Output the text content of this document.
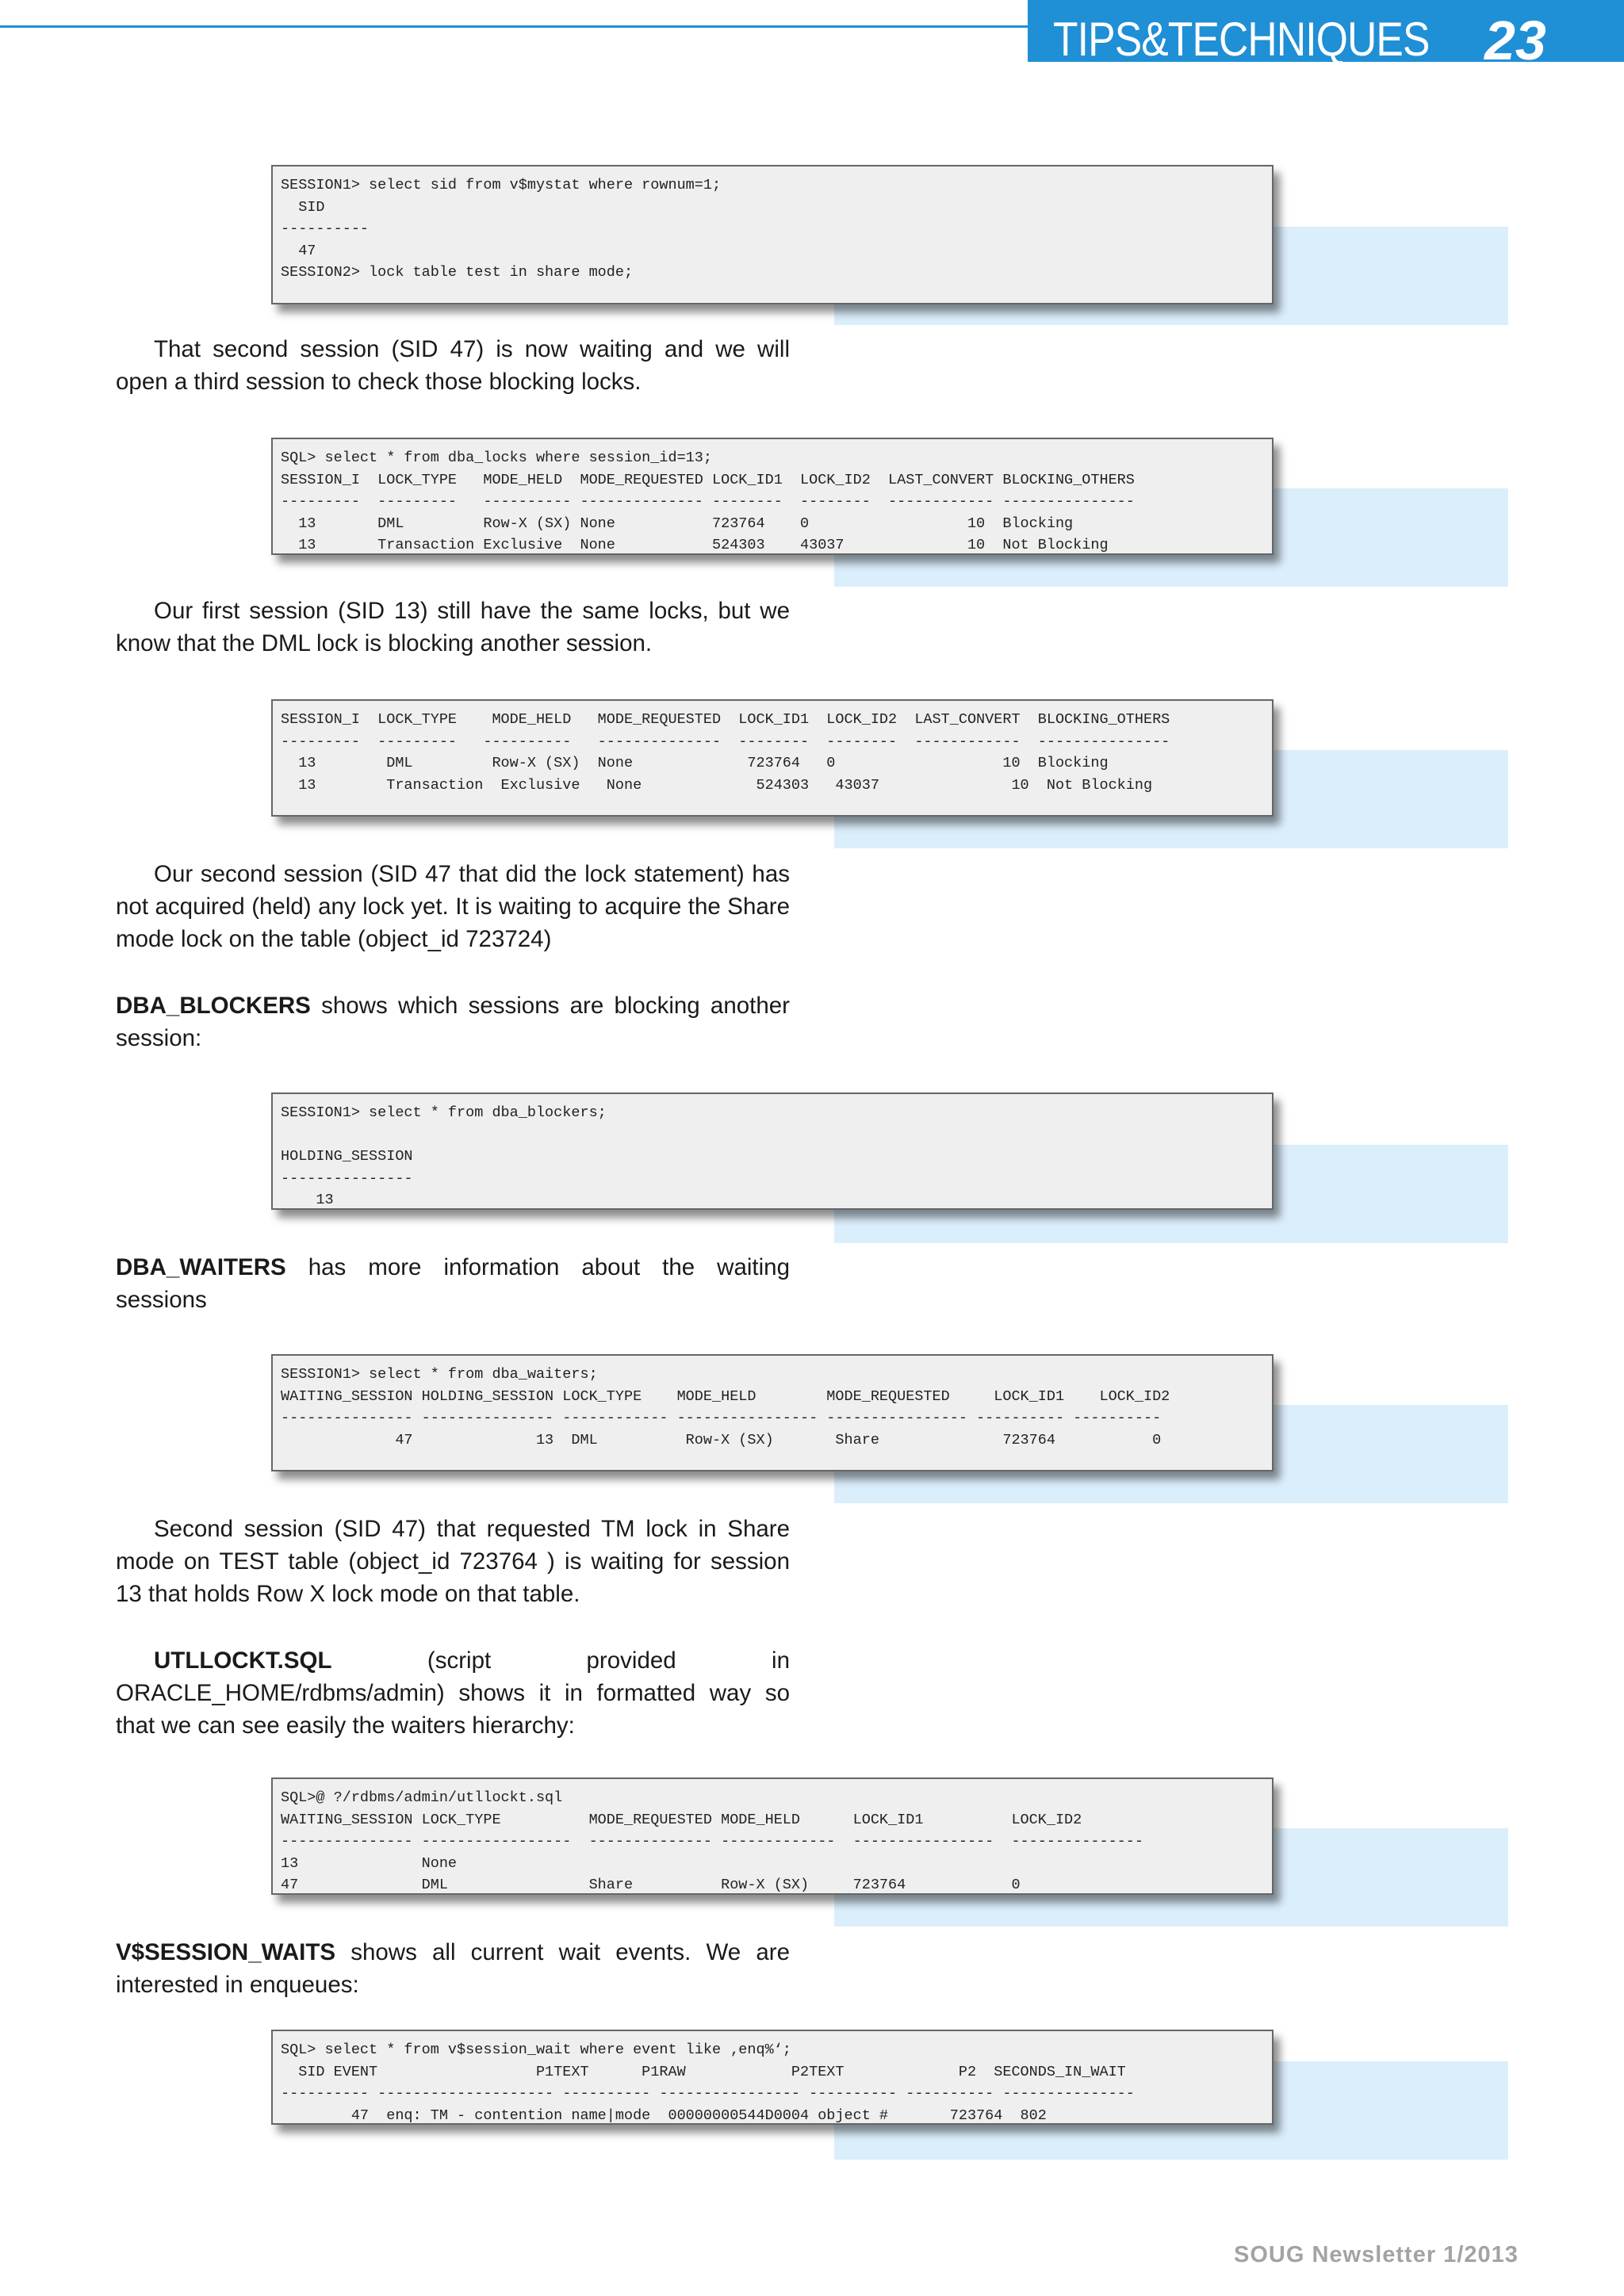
TIPS&TECHNIQUES 23
SESSION1> select sid from v$mystat where rownum=1;
SID
----------
47
SESSION2> lock table test in share mode;

That second session (SID 47) is now waiting and we will open a third session to check those blocking locks.

SQL> select * from dba_locks where session_id=13;
SESSION_I  LOCK_TYPE   MODE_HELD  MODE_REQUESTED LOCK_ID1  LOCK_ID2  LAST_CONVERT BLOCKING_OTHERS
---------  ---------   ---------- -------------- --------  --------  ------------ ---------------
13       DML         Row-X (SX) None           723764    0                  10  Blocking
13       Transaction Exclusive  None           524303    43037              10  Not Blocking

Our first session (SID 13) still have the same locks, but we know that the DML lock is blocking another session.

SESSION_I  LOCK_TYPE    MODE_HELD   MODE_REQUESTED  LOCK_ID1  LOCK_ID2  LAST_CONVERT  BLOCKING_OTHERS
---------  ---------   ----------   --------------  --------  --------  ------------  ---------------
13        DML         Row-X (SX)  None             723764   0                   10  Blocking
13        Transaction  Exclusive   None             524303   43037               10  Not Blocking

Our second session (SID 47 that did the lock statement) has not acquired (held) any lock yet. It is waiting to acquire the Share mode lock on the table (object_id 723724)

DBA_BLOCKERS shows which sessions are blocking another session:

SESSION1> select * from dba_blockers;

HOLDING_SESSION
---------------
13

DBA_WAITERS has more information about the waiting sessions

SESSION1> select * from dba_waiters;
WAITING_SESSION HOLDING_SESSION LOCK_TYPE    MODE_HELD        MODE_REQUESTED     LOCK_ID1    LOCK_ID2
--------------- --------------- ------------ ---------------- ---------------- ---------- ----------
47              13  DML          Row-X (SX)       Share              723764           0

Second session (SID 47) that requested TM lock in Share mode on TEST table (object_id 723764 ) is waiting for session 13 that holds Row X lock mode on that table.

UTLLOCKT.SQL (script provided in ORACLE_HOME/rdbms/admin) shows it in formatted way so that we can see easily the waiters hierarchy:

SQL>@ ?/rdbms/admin/utllockt.sql
WAITING_SESSION LOCK_TYPE          MODE_REQUESTED MODE_HELD      LOCK_ID1          LOCK_ID2
--------------- -----------------  -------------- -------------  ----------------  ---------------
13              None
47              DML                Share          Row-X (SX)     723764            0

V$SESSION_WAITS shows all current wait events. We are interested in enqueues:

SQL> select * from v$session_wait where event like ‚enq%‘;
SID EVENT                  P1TEXT      P1RAW            P2TEXT             P2  SECONDS_IN_WAIT
---------- -------------------- ---------- ---------------- ---------- ---------- ---------------
47  enq: TM - contention name|mode  00000000544D0004 object #       723764  802
SOUG Newsletter 1/2013
